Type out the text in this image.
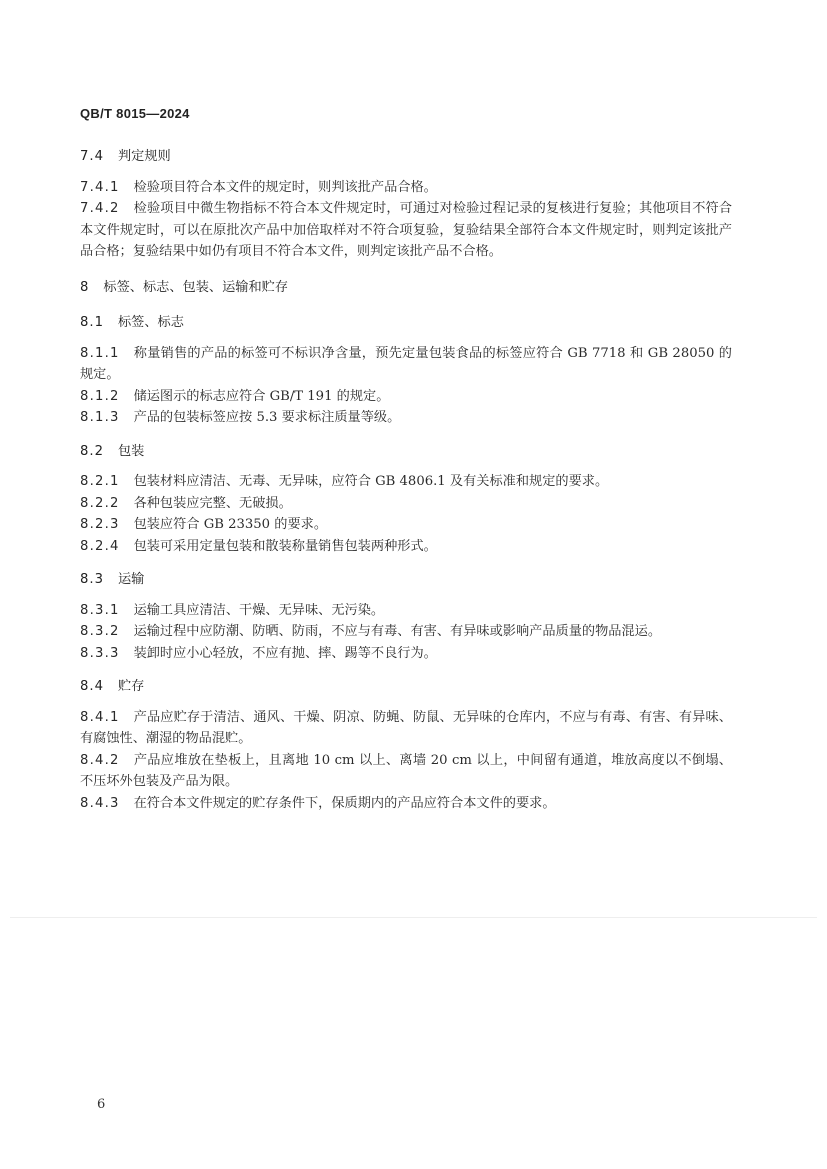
QB/T 8015—2024

7.4 判定规则

7.4.1 检验项目符合本文件的规定时，则判该批产品合格。

7.4.2 检验项目中微生物指标不符合本文件规定时，可通过对检验过程记录的复核进行复验；其他项目不符合本文件规定时，可以在原批次产品中加倍取样对不符合项复验，复验结果全部符合本文件规定时，则判定该批产品合格；复验结果中如仍有项目不符合本文件，则判定该批产品不合格。

8 标签、标志、包装、运输和贮存

8.1 标签、标志

8.1.1 称量销售的产品的标签可不标识净含量，预先定量包装食品的标签应符合 GB 7718 和 GB 28050 的规定。

8.1.2 储运图示的标志应符合 GB/T 191 的规定。

8.1.3 产品的包装标签应按 5.3 要求标注质量等级。

8.2 包装

8.2.1 包装材料应清洁、无毒、无异味，应符合 GB 4806.1 及有关标准和规定的要求。

8.2.2 各种包装应完整、无破损。

8.2.3 包装应符合 GB 23350 的要求。

8.2.4 包装可采用定量包装和散装称量销售包装两种形式。

8.3 运输

8.3.1 运输工具应清洁、干燥、无异味、无污染。

8.3.2 运输过程中应防潮、防晒、防雨，不应与有毒、有害、有异味或影响产品质量的物品混运。

8.3.3 装卸时应小心轻放，不应有抛、摔、踢等不良行为。

8.4 贮存

8.4.1 产品应贮存于清洁、通风、干燥、阴凉、防蝇、防鼠、无异味的仓库内，不应与有毒、有害、有异味、有腐蚀性、潮湿的物品混贮。

8.4.2 产品应堆放在垫板上，且离地 10 cm 以上、离墙 20 cm 以上，中间留有通道，堆放高度以不倒塌、不压坏外包装及产品为限。

8.4.3 在符合本文件规定的贮存条件下，保质期内的产品应符合本文件的要求。

6
